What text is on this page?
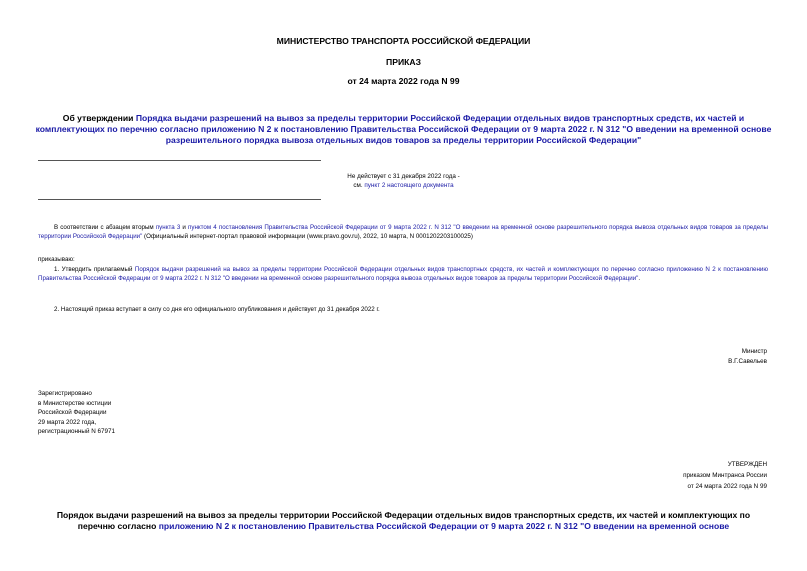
МИНИСТЕРСТВО ТРАНСПОРТА РОССИЙСКОЙ ФЕДЕРАЦИИ
ПРИКАЗ
от 24 марта 2022 года N 99
Об утверждении Порядка выдачи разрешений на вывоз за пределы территории Российской Федерации отдельных видов транспортных средств, их частей и комплектующих по перечню согласно приложению N 2 к постановлению Правительства Российской Федерации от 9 марта 2022 г. N 312 "О введении на временной основе разрешительного порядка вывоза отдельных видов товаров за пределы территории Российской Федерации"
Не действует с 31 декабря 2022 года -
см. пункт 2 настоящего документа
В соответствии с абзацем вторым пункта 3 и пунктом 4 постановления Правительства Российской Федерации от 9 марта 2022 г. N 312 "О введении на временной основе разрешительного порядка вывоза отдельных видов товаров за пределы территории Российской Федерации" (Официальный интернет-портал правовой информации (www.pravo.gov.ru), 2022, 10 марта, N 0001202203100025)
приказываю:
1. Утвердить прилагаемый Порядок выдачи разрешений на вывоз за пределы территории Российской Федерации отдельных видов транспортных средств, их частей и комплектующих по перечню согласно приложению N 2 к постановлению Правительства Российской Федерации от 9 марта 2022 г. N 312 "О введении на временной основе разрешительного порядка вывоза отдельных видов товаров за пределы территории Российской Федерации".
2. Настоящий приказ вступает в силу со дня его официального опубликования и действует до 31 декабря 2022 г.
Министр
В.Г.Савельев
Зарегистрировано
в Министерстве юстиции
Российской Федерации
29 марта 2022 года,
регистрационный N 67971
УТВЕРЖДЕН
приказом Минтранса России
от 24 марта 2022 года N 99
Порядок выдачи разрешений на вывоз за пределы территории Российской Федерации отдельных видов транспортных средств, их частей и комплектующих по перечню согласно приложению N 2 к постановлению Правительства Российской Федерации от 9 марта 2022 г. N 312 "О введении на временной основе
